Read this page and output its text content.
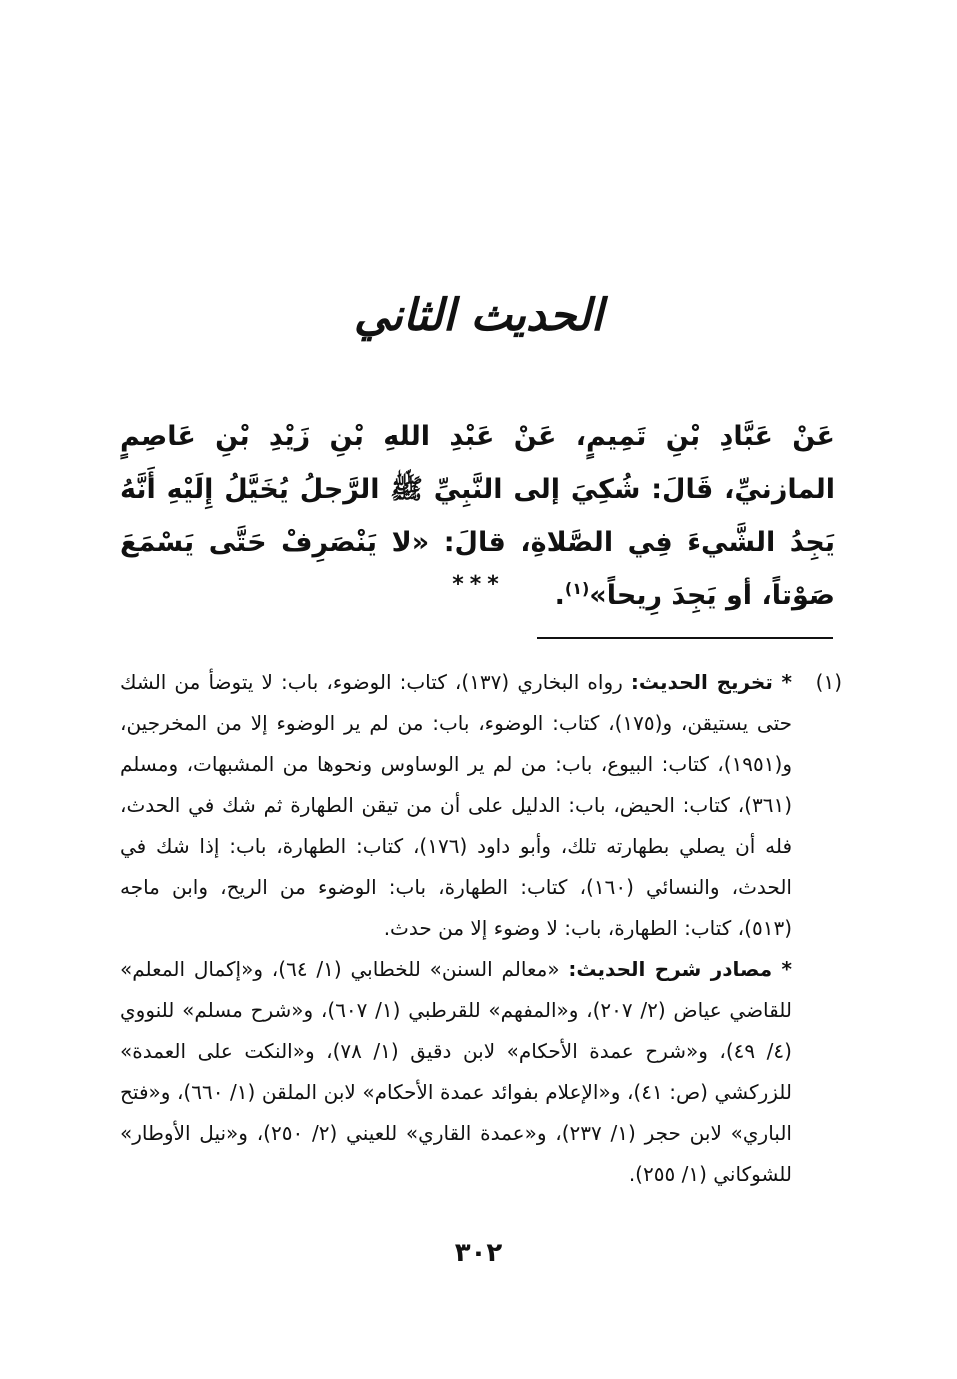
الحديث الثاني
عَنْ عَبَّادِ بْنِ تَمِيمٍ، عَنْ عَبْدِ اللهِ بْنِ زَيْدِ بْنِ عَاصِمٍ المازنيِّ، قَالَ: شُكِيَ إلى النَّبِيِّ ﷺ الرَّجلُ يُخَيَّلُ إِلَيْهِ أَنَّهُ يَجِدُ الشَّيءَ فِي الصَّلاةِ، قالَ: «لا يَنْصَرِفْ حَتَّى يَسْمَعَ صَوْتاً، أو يَجِدَ رِيحاً»$^{(١)}$.
***
(١)

* تخريج الحديث: رواه البخاري (١٣٧)، كتاب: الوضوء، باب: لا يتوضأ من الشك حتى يستيقن، و(١٧٥)، كتاب: الوضوء، باب: من لم ير الوضوء إلا من المخرجين، و(١٩٥١)، كتاب: البيوع، باب: من لم ير الوساوس ونحوها من المشبهات، ومسلم (٣٦١)، كتاب: الحيض، باب: الدليل على أن من تيقن الطهارة ثم شك في الحدث، فله أن يصلي بطهارته تلك، وأبو داود (١٧٦)، كتاب: الطهارة، باب: إذا شك في الحدث، والنسائي (١٦٠)، كتاب: الطهارة، باب: الوضوء من الريح، وابن ماجه (٥١٣)، كتاب: الطهارة، باب: لا وضوء إلا من حدث.

* مصادر شرح الحديث: «معالم السنن» للخطابي (١/ ٦٤)، و«إكمال المعلم» للقاضي عياض (٢/ ٢٠٧)، و«المفهم» للقرطبي (١/ ٦٠٧)، و«شرح مسلم» للنووي (٤/ ٤٩)، و«شرح عمدة الأحكام» لابن دقيق (١/ ٧٨)، و«النكت على العمدة» للزركشي (ص: ٤١)، و«الإعلام بفوائد عمدة الأحكام» لابن الملقن (١/ ٦٦٠)، و«فتح الباري» لابن حجر (١/ ٢٣٧)، و«عمدة القاري» للعيني (٢/ ٢٥٠)، و«نيل الأوطار» للشوكاني (١/ ٢٥٥).

٣٠٢
